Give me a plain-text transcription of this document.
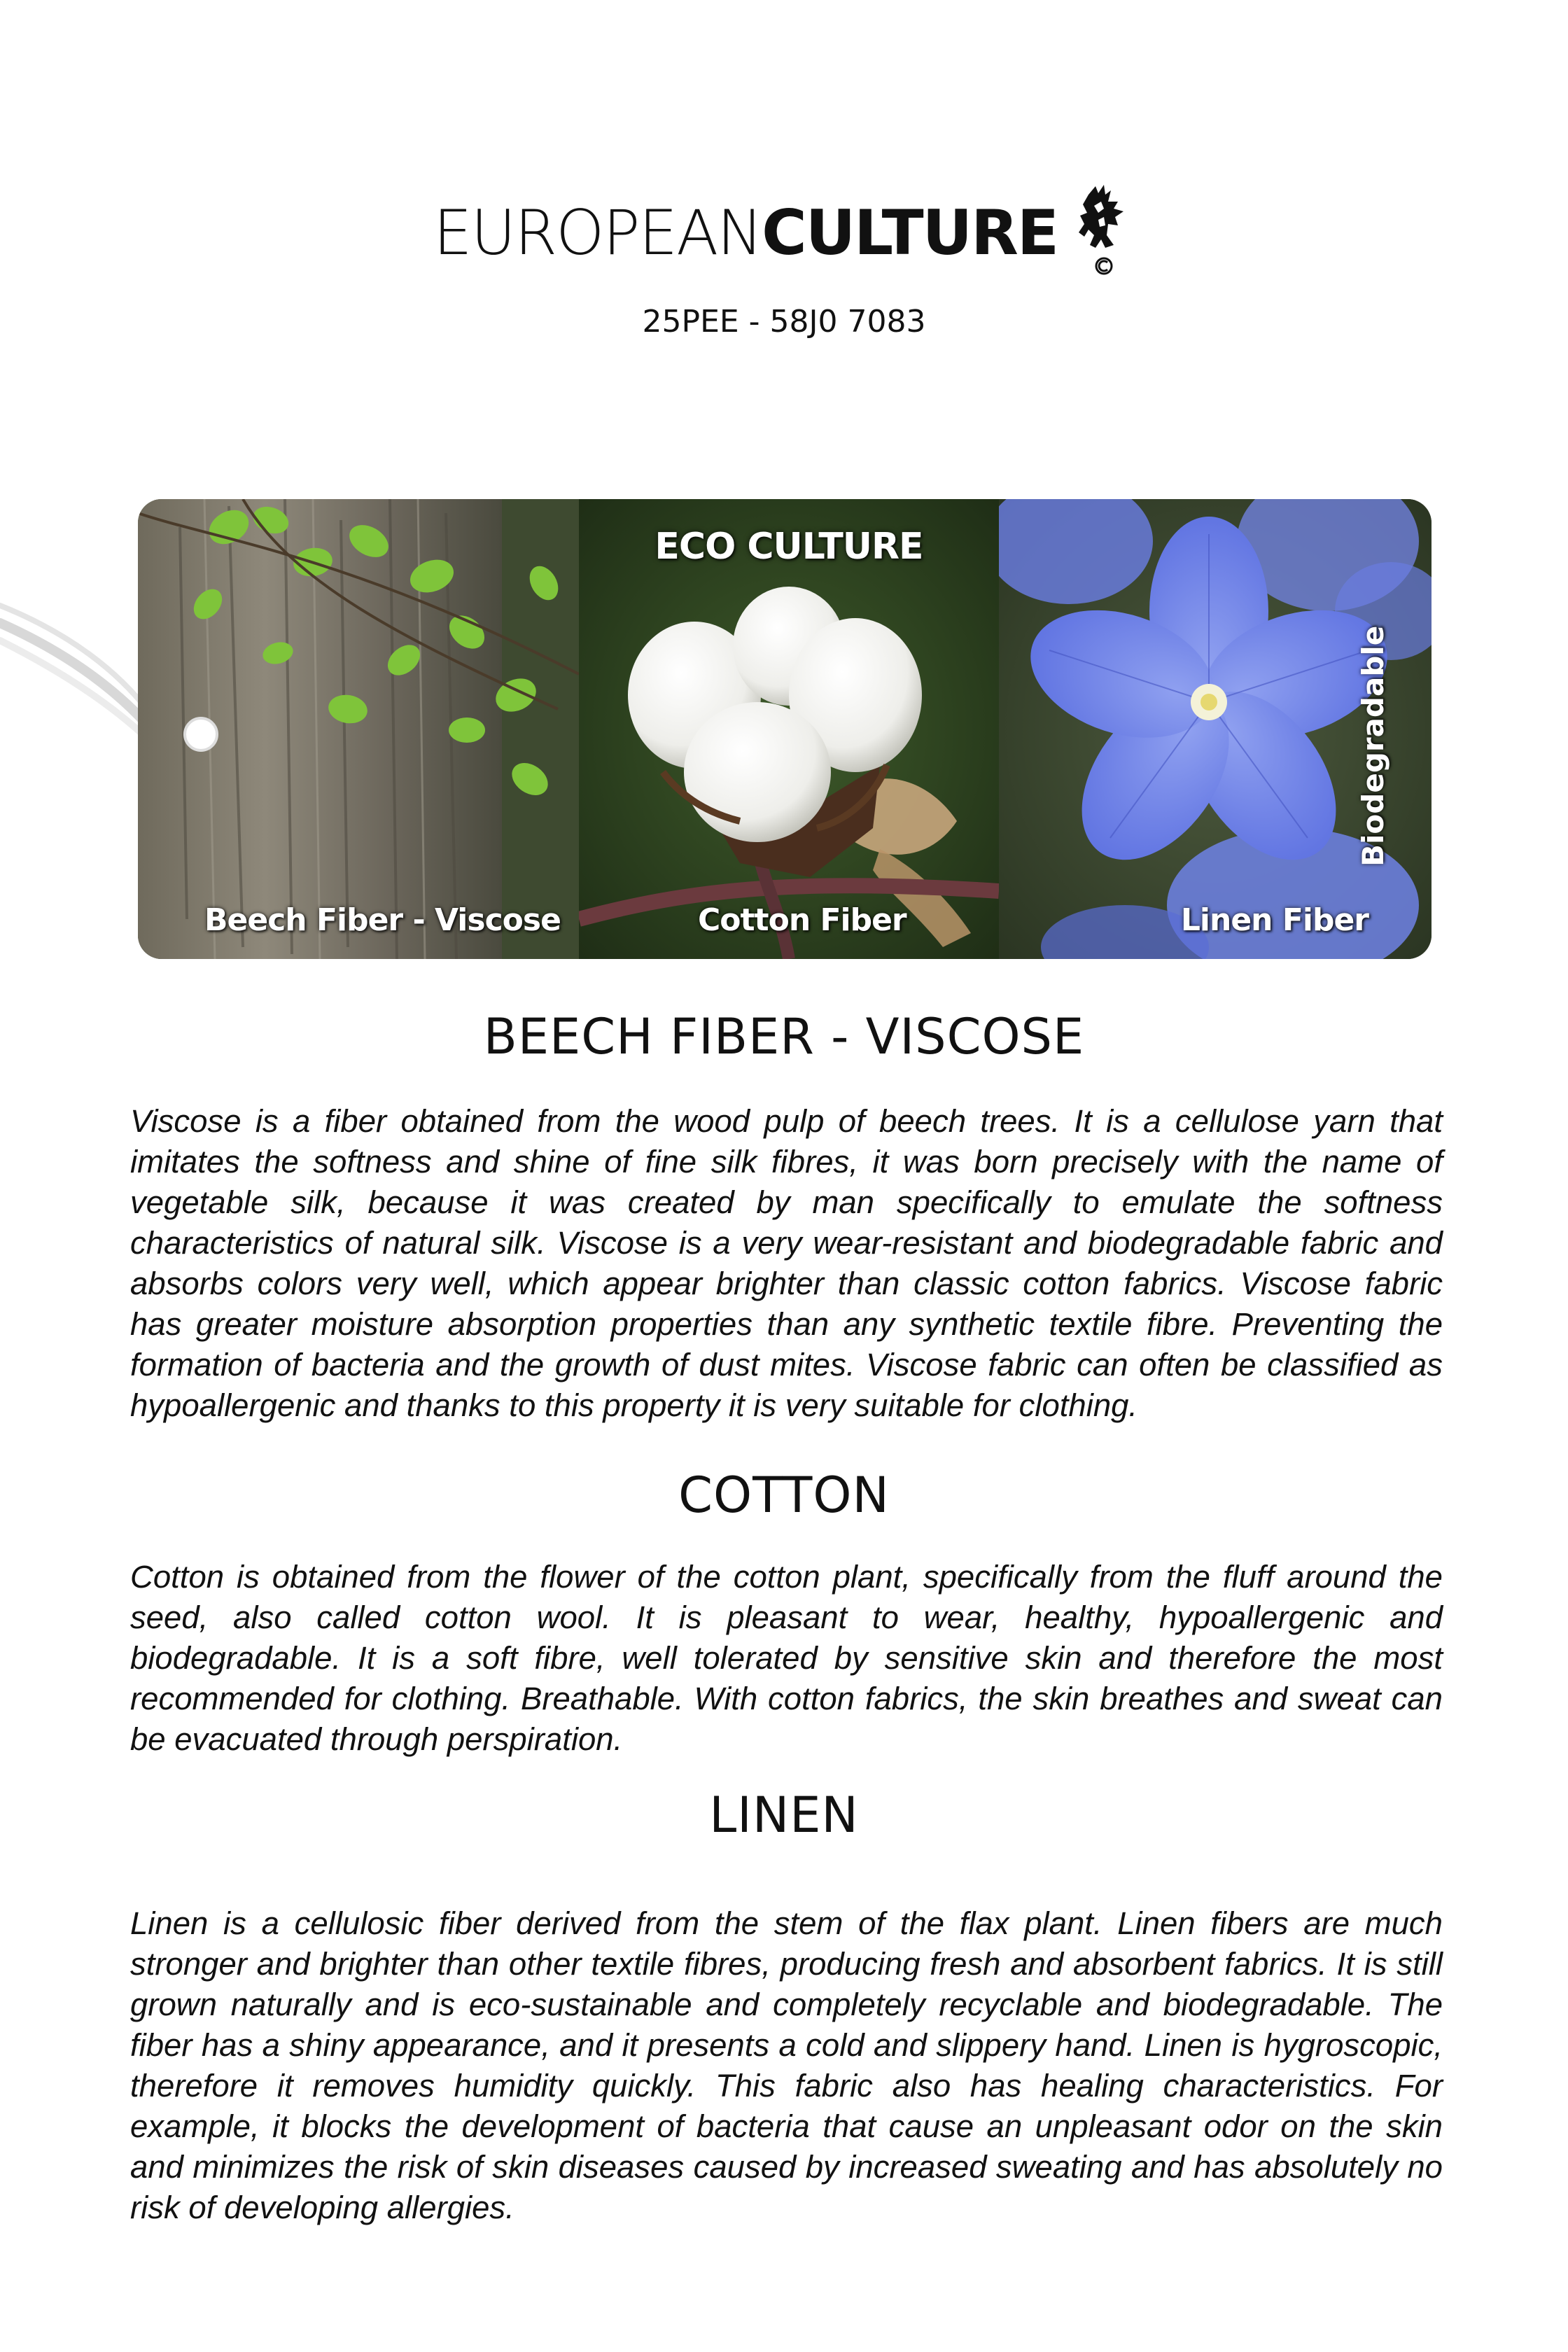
EUROPEANCULTURE
25PEE - 58J0 7083
Beech Fiber - Viscose
ECO CULTURE
Cotton Fiber
Biodegradable
Linen Fiber
BEECH FIBER - VISCOSE

Viscose is a fiber obtained from the wood pulp of beech trees. It is a cellulose yarn that imitates the softness and shine of fine silk fibres, it was born precisely with the name of vegetable silk, because it was created by man specifically to emulate the softness characteristics of natural silk. Viscose is a very wear-resistant and biodegradable fabric and absorbs colors very well, which appear brighter than classic cotton fabrics. Viscose fabric has greater moisture absorption properties than any synthetic textile fibre. Preventing the formation of bacteria and the growth of dust mites. Viscose fabric can often be classified as hypoallergenic and thanks to this property it is very suitable for clothing.

COTTON

Cotton is obtained from the flower of the cotton plant, specifically from the fluff around the seed, also called cotton wool. It is pleasant to wear, healthy, hypoallergenic and biodegradable. It is a soft fibre, well tolerated by sensitive skin and therefore the most recommended for clothing. Breathable. With cotton fabrics, the skin breathes and sweat can be evacuated through perspiration.

LINEN

Linen is a cellulosic fiber derived from the stem of the flax plant. Linen fibers are much stronger and brighter than other textile fibres, producing fresh and absorbent fabrics. It is still grown naturally and is eco-sustainable and completely recyclable and biodegradable. The fiber has a shiny appearance, and it presents a cold and slippery hand. Linen is hygroscopic, therefore it removes humidity quickly. This fabric also has healing characteristics. For example, it blocks the development of bacteria that cause an unpleasant odor on the skin and minimizes the risk of skin diseases caused by increased sweating and has absolutely no risk of developing allergies.
